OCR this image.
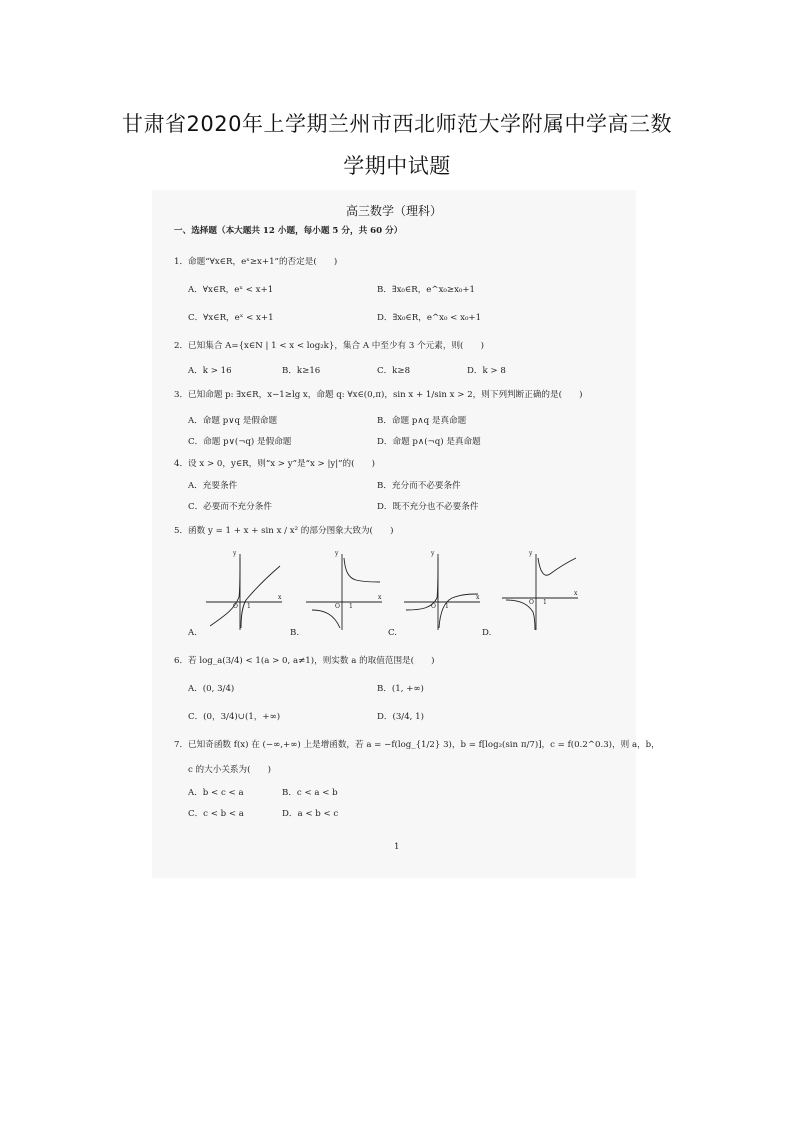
甘肃省2020年上学期兰州市西北师范大学附属中学高三数
学期中试题
高三数学（理科）
一、选择题（本大题共 12 小题，每小题 5 分，共 60 分）
1．命题“∀x∈R，eˣ≥x+1”的否定是(　　)
A．∀x∈R，eˣ < x+1	B．∃x₀∈R，e^x₀≥x₀+1
C．∀x∈R，eˣ < x+1	D．∃x₀∈R，e^x₀ < x₀+1
2．已知集合 A={x∈N | 1 < x < log₂k}，集合 A 中至少有 3 个元素，则(　　)
A．k > 16	B．k≥16	C．k≥8	D．k > 8
3．已知命题 p: ∃x∈R，x−1≥lg x，命题 q: ∀x∈(0,π)，sin x + 1/sin x > 2，则下列判断正确的是(　　)
A．命题 p∨q 是假命题	B．命题 p∧q 是真命题
C．命题 p∨(¬q) 是假命题	D．命题 p∧(¬q) 是真命题
4．设 x > 0，y∈R，则“x > y”是“x > |y|”的(　　)
A．充要条件	B．充分而不必要条件
C．必要而不充分条件	D．既不充分也不必要条件
5．函数 y = 1 + x + sin x / x² 的部分图象大致为(　　)
A.	B.	C.	D.
6．若 log_a(3/4) < 1(a > 0, a≠1)，则实数 a 的取值范围是(　　)
A．(0, 3/4)	B．(1, +∞)
C．(0，3/4)∪(1，+∞)	D．(3/4, 1)
7．已知奇函数 f(x) 在 (−∞,+∞) 上是增函数，若 a = −f(log_{1/2} 3)，b = f[log₂(sin π/7)]，c = f(0.2^0.3)，则 a，b，
c 的大小关系为(　　)
A．b < c < a	B．c < a < b
C．c < b < a	D．a < b < c
1
y
x
O 1
y
x
O 1
y
x
O 1
y
x
O 1
